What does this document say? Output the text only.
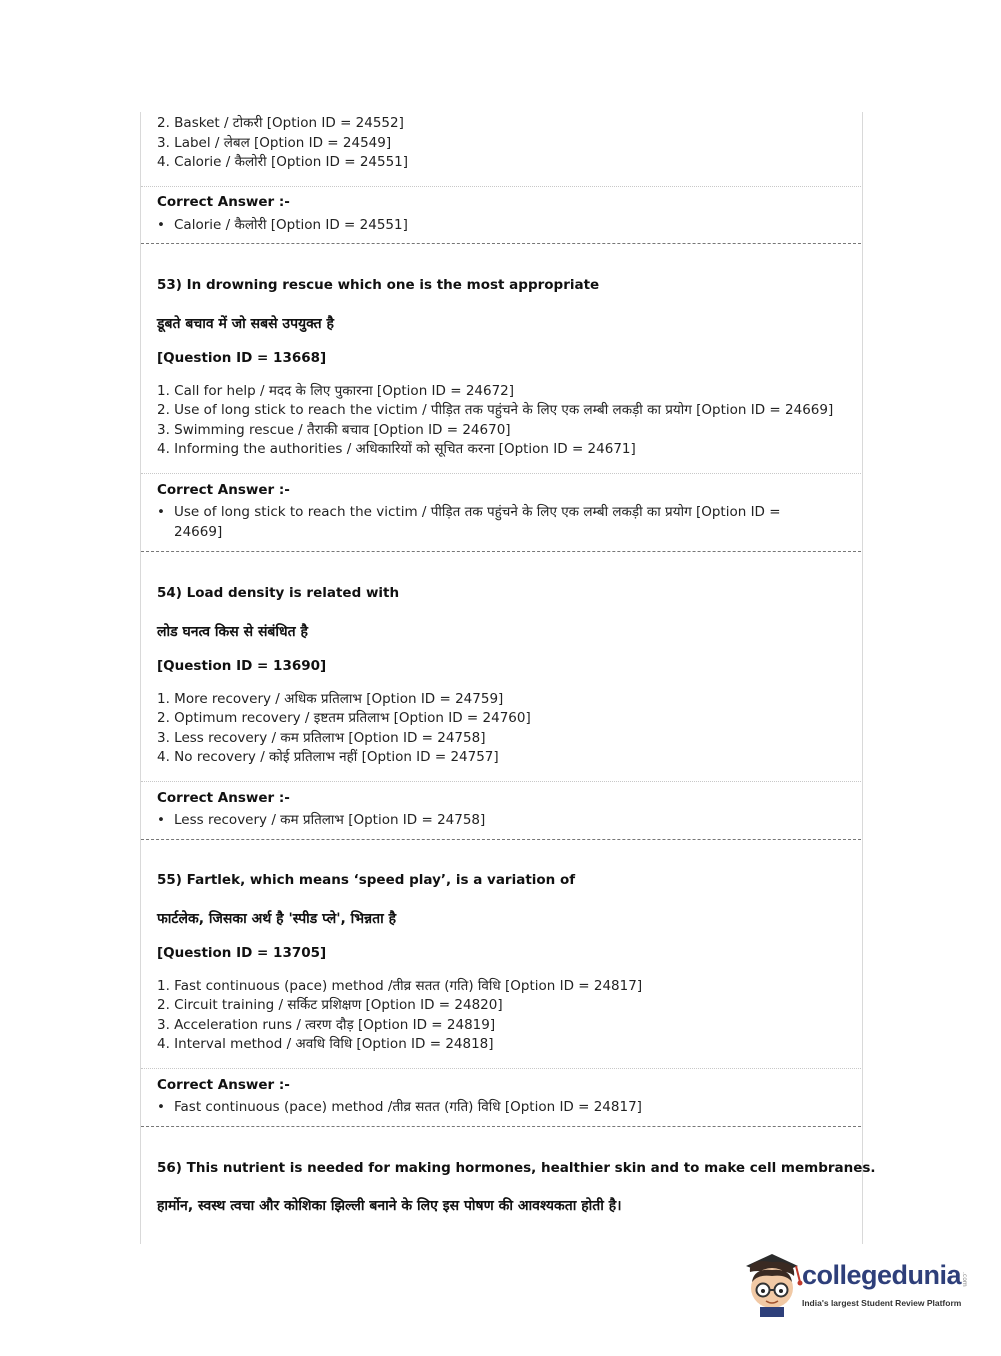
2. Basket / टोकरी [Option ID = 24552]
3. Label / लेबल [Option ID = 24549]
4. Calorie / कैलोरी [Option ID = 24551]
Correct Answer :-
• Calorie / कैलोरी [Option ID = 24551]
53) In drowning rescue which one is the most appropriate
डूबते बचाव में जो सबसे उपयुक्त है
[Question ID = 13668]
1. Call for help / मदद के लिए पुकारना [Option ID = 24672]
2. Use of long stick to reach the victim / पीड़ित तक पहुंचने के लिए एक लम्बी लकड़ी का प्रयोग [Option ID = 24669]
3. Swimming rescue / तैराकी बचाव [Option ID = 24670]
4. Informing the authorities / अधिकारियों को सूचित करना [Option ID = 24671]
Correct Answer :-
• Use of long stick to reach the victim / पीड़ित तक पहुंचने के लिए एक लम्बी लकड़ी का प्रयोग [Option ID =
24669]
54) Load density is related with
लोड घनत्व किस से संबंधित है
[Question ID = 13690]
1. More recovery / अधिक प्रतिलाभ [Option ID = 24759]
2. Optimum recovery / इष्टतम प्रतिलाभ [Option ID = 24760]
3. Less recovery / कम प्रतिलाभ [Option ID = 24758]
4. No recovery / कोई प्रतिलाभ नहीं [Option ID = 24757]
Correct Answer :-
• Less recovery / कम प्रतिलाभ [Option ID = 24758]
55) Fartlek, which means ‘speed play’, is a variation of
फार्टलेक, जिसका अर्थ है 'स्पीड प्ले', भिन्नता है
[Question ID = 13705]
1. Fast continuous (pace) method /तीव्र सतत (गति) विधि [Option ID = 24817]
2. Circuit training / सर्किट प्रशिक्षण [Option ID = 24820]
3. Acceleration runs / त्वरण दौड़ [Option ID = 24819]
4. Interval method / अवधि विधि [Option ID = 24818]
Correct Answer :-
• Fast continuous (pace) method /तीव्र सतत (गति) विधि [Option ID = 24817]
56) This nutrient is needed for making hormones, healthier skin and to make cell membranes.
हार्मोन, स्वस्थ त्वचा और कोशिका झिल्ली बनाने के लिए इस पोषण की आवश्यकता होती है।
collegedunia .com
India's largest Student Review Platform
